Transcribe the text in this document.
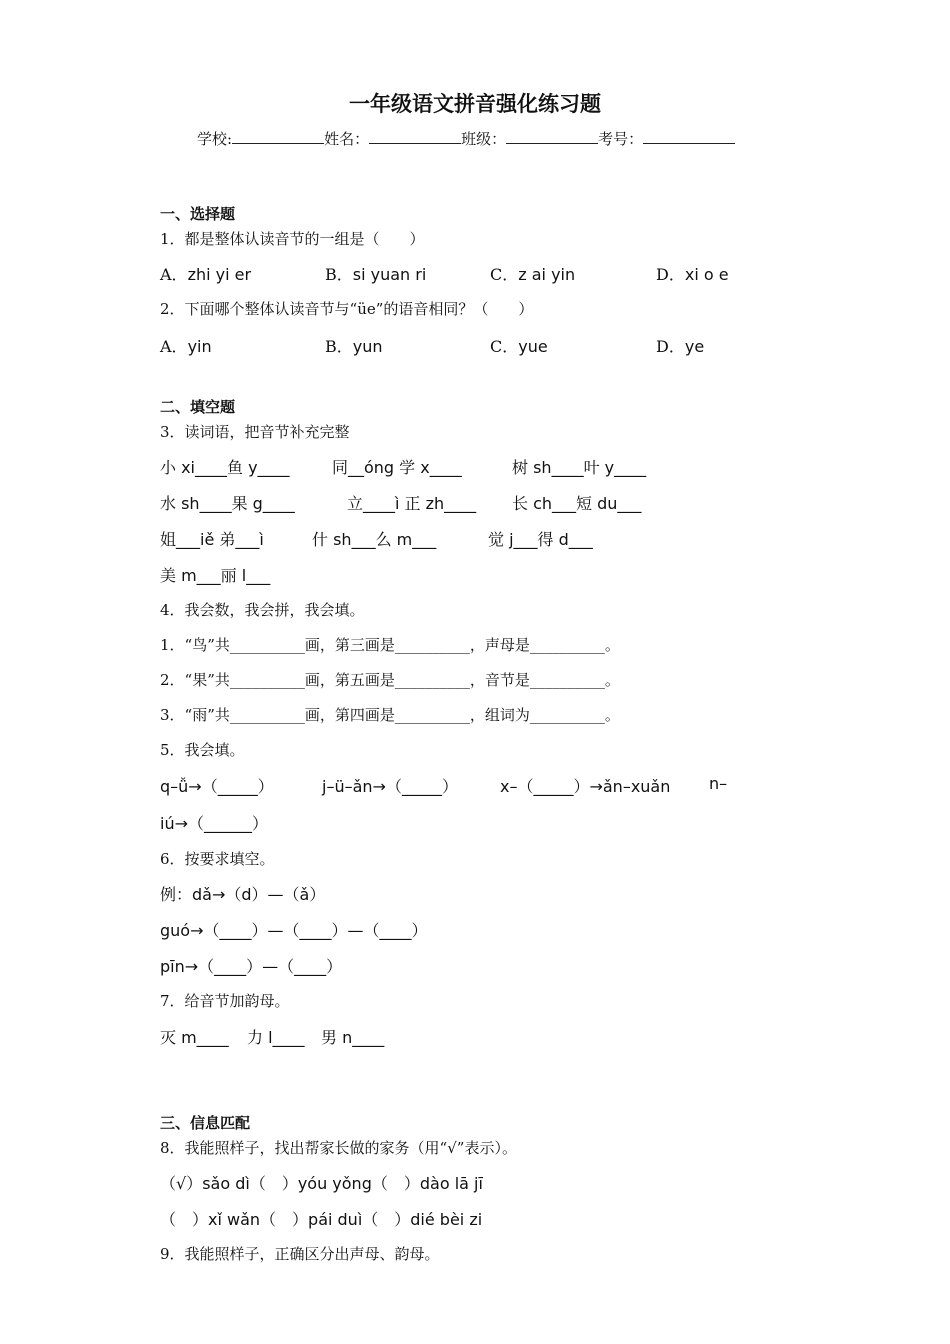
一年级语文拼音强化练习题
学校:	姓名：	班级：	考号：
一、选择题
1．都是整体认读音节的一组是（　　）
A．zhi yi er	B．si yuan ri	C．z ai yin	D．xi o e
2．下面哪个整体认读音节与“üe”的语音相同？（　　）
A．yin	B．yun	C．yue	D．ye
二、填空题
3．读词语，把音节补充完整
小 xi____鱼 y____	同__óng 学 x____	树 sh____叶 y____
水 sh____果 g____	立____ì 正 zh____ 长 ch___短 du___
姐___iě 弟___ì	什 sh___么 m___	觉 j___得 d___
美 m___丽 l___
4．我会数，我会拼，我会填。
1．“鸟”共__________画，第三画是__________，声母是__________。
2．“果”共__________画，第五画是__________，音节是__________。
3．“雨”共__________画，第四画是__________，组词为__________。
5．我会填。
q–ǚ→（_____）	j–ü–ǎn→（_____）	x–（_____）→ǎn–xuǎn n–
iú→（______）
6．按要求填空。
例：dǎ→（d）—（ǎ）
guó→（____）—（____）—（____）
pīn→（____）—（____）
7．给音节加韵母。
灭 m____ 力 l____ 男 n____
三、信息匹配
8．我能照样子，找出帮家长做的家务（用“√”表示）。
（√）sǎo dì（　）yóu yǒng（　）dào lā jī
（　）xǐ wǎn（　）pái duì（　）dié bèi zi
9．我能照样子，正确区分出声母、韵母。
